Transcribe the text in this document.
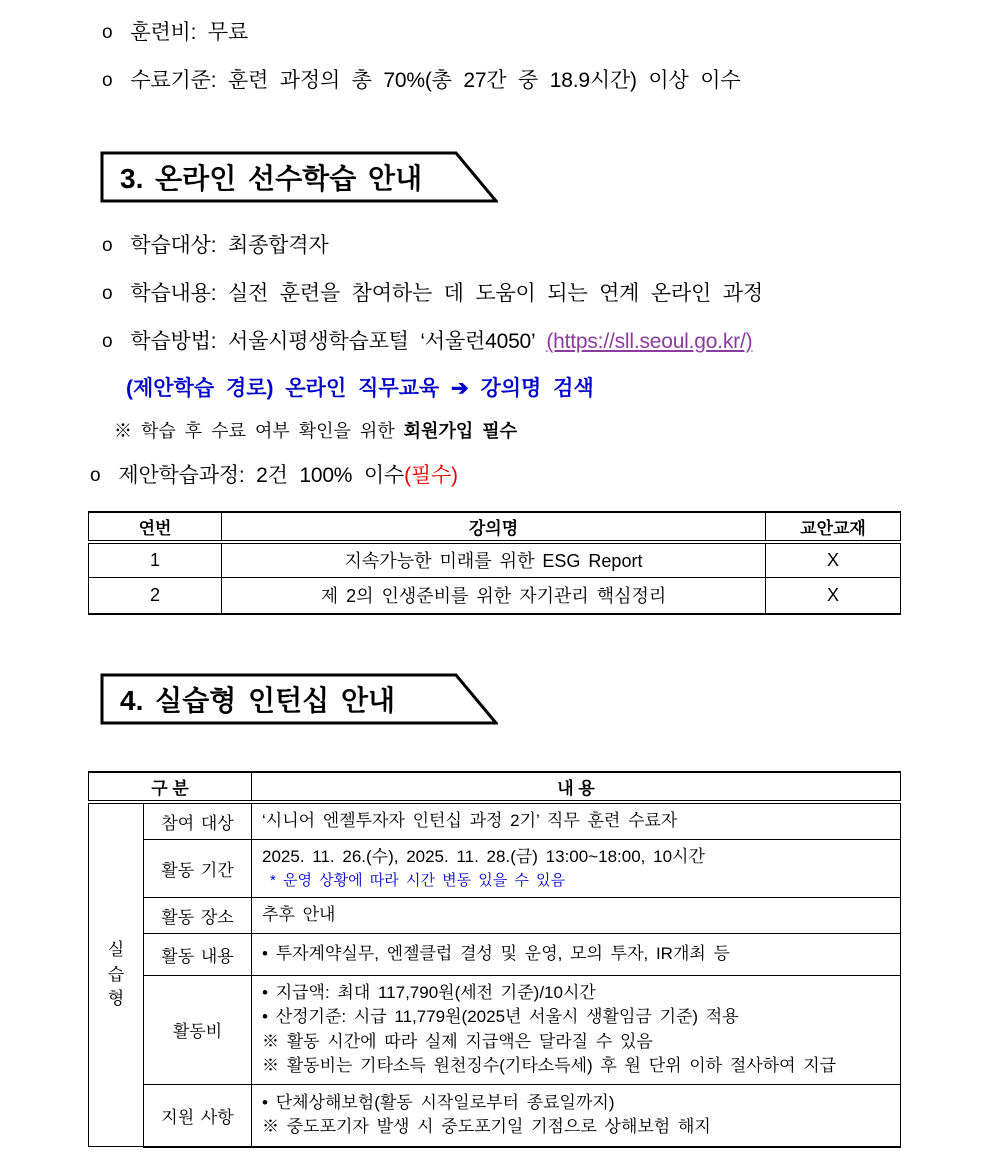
o 훈련비: 무료
o 수료기준: 훈련 과정의 총 70%(총 27간 중 18.9시간) 이상 이수
3. 온라인 선수학습 안내
o 학습대상: 최종합격자
o 학습내용: 실전 훈련을 참여하는 데 도움이 되는 연계 온라인 과정
o 학습방법: 서울시평생학습포털 ‘서울런4050’ (https://sll.seoul.go.kr/)
(제안학습 경로) 온라인 직무교육 ➔ 강의명 검색
※ 학습 후 수료 여부 확인을 위한 회원가입 필수
o 제안학습과정: 2건 100% 이수(필수)
연번	강의명	교안교재
1	지속가능한 미래를 위한 ESG Report	X
2	제 2의 인생준비를 위한 자기관리 핵심정리	X
4. 실습형 인턴십 안내
구 분		내 용
실습형	참여 대상	‘시니어 엔젤투자자 인턴십 과정 2기’ 직무 훈련 수료자

	활동 기간	2025. 11. 26.(수), 2025. 11. 28.(금) 13:00~18:00, 10시간
* 운영 상황에 따라 시간 변동 있을 수 있음

	활동 장소	추후 안내

	활동 내용	• 투자계약실무, 엔젤클럽 결성 및 운영, 모의 투자, IR개최 등

	활동비	• 지급액: 최대 117,790원(세전 기준)/10시간
• 산정기준: 시급 11,779원(2025년 서울시 생활임금 기준) 적용
※ 활동 시간에 따라 실제 지급액은 달라질 수 있음
※ 활동비는 기타소득 원천징수(기타소득세) 후 원 단위 이하 절사하여 지급

	지원 사항	• 단체상해보험(활동 시작일로부터 종료일까지)
※ 중도포기자 발생 시 중도포기일 기점으로 상해보험 해지
